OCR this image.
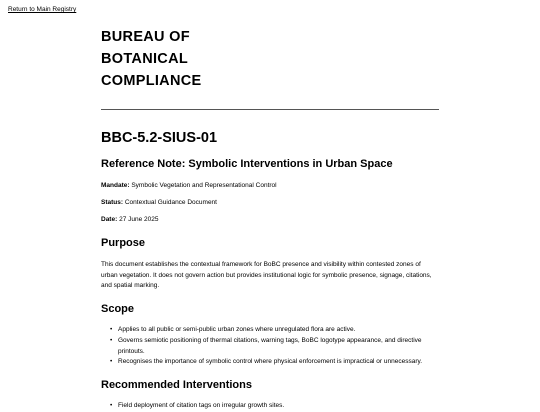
Return to Main Registry
BUREAU OF
BOTANICAL
COMPLIANCE
BBC-5.2-SIUS-01
Reference Note: Symbolic Interventions in Urban Space
Mandate: Symbolic Vegetation and Representational Control
Status: Contextual Guidance Document
Date: 27 June 2025
Purpose

This document establishes the contextual framework for BoBC presence and visibility within contested zones of urban vegetation. It does not govern action but provides institutional logic for symbolic presence, signage, citations, and spatial marking.

Scope
• Applies to all public or semi-public urban zones where unregulated flora are active.
• Governs semiotic positioning of thermal citations, warning tags, BoBC logotype appearance, and directive printouts.
• Recognises the importance of symbolic control where physical enforcement is impractical or unnecessary.
Recommended Interventions
• Field deployment of citation tags on irregular growth sites.
